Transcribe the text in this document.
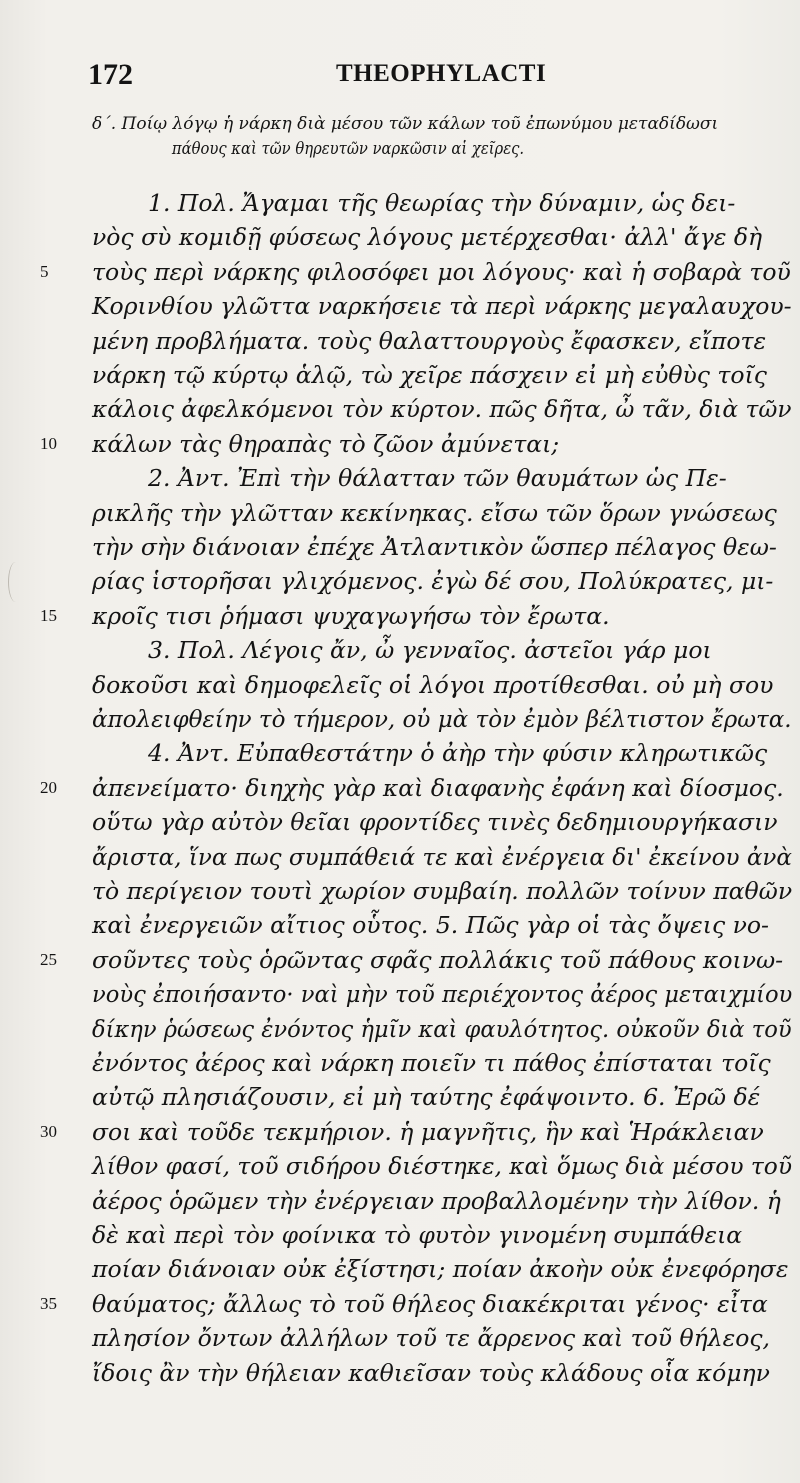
172	THEOPHYLACTI
δ΄. Ποίῳ λόγῳ ἡ νάρκη διὰ μέσου τῶν κάλων τοῦ ἐπωνύμου μεταδίδωσι
πάθους καὶ τῶν θηρευτῶν ναρκῶσιν αἱ χεῖρες.
1. Πολ. Ἄγαμαι τῆς θεωρίας τὴν δύναμιν, ὡς δει-
νὸς σὺ κομιδῇ φύσεως λόγους μετέρχεσθαι· ἀλλ' ἄγε δὴ
τοὺς περὶ νάρκης φιλοσόφει μοι λόγους· καὶ ἡ σοβαρὰ τοῦ
5
Κορινθίου γλῶττα ναρκήσειε τὰ περὶ νάρκης μεγαλαυχου-
μένη προβλήματα. τοὺς θαλαττουργοὺς ἔφασκεν, εἴποτε
νάρκη τῷ κύρτῳ ἁλῷ, τὼ χεῖρε πάσχειν εἰ μὴ εὐθὺς τοῖς
κάλοις ἀφελκόμενοι τὸν κύρτον. πῶς δῆτα, ὦ τᾶν, διὰ τῶν
κάλων τὰς θηραπὰς τὸ ζῶον ἀμύνεται;
10
2. Ἀντ. Ἐπὶ τὴν θάλατταν τῶν θαυμάτων ὡς Πε-
ρικλῆς τὴν γλῶτταν κεκίνηκας. εἴσω τῶν ὅρων γνώσεως
τὴν σὴν διάνοιαν ἐπέχε Ἀτλαντικὸν ὥσπερ πέλαγος θεω-
ρίας ἱστορῆσαι γλιχόμενος. ἐγὼ δέ σου, Πολύκρατες, μι-
κροῖς τισι ῥήμασι ψυχαγωγήσω τὸν ἔρωτα.
15
3. Πολ. Λέγοις ἄν, ὦ γενναῖος. ἀστεῖοι γάρ μοι
δοκοῦσι καὶ δημοφελεῖς οἱ λόγοι προτίθεσθαι. οὐ μὴ σου
ἀπολειφθείην τὸ τήμερον, οὐ μὰ τὸν ἐμὸν βέλτιστον ἔρωτα.
4. Ἀντ. Εὐπαθεστάτην ὁ ἀὴρ τὴν φύσιν κληρωτικῶς
ἀπενείματο· διηχὴς γὰρ καὶ διαφανὴς ἐφάνη καὶ δίοσμος.
20
οὕτω γὰρ αὐτὸν θεῖαι φροντίδες τινὲς δεδημιουργήκασιν
ἄριστα, ἵνα πως συμπάθειά τε καὶ ἐνέργεια δι' ἐκείνου ἀνὰ
τὸ περίγειον τουτὶ χωρίον συμβαίη. πολλῶν τοίνυν παθῶν
καὶ ἐνεργειῶν αἴτιος οὗτος. 5. Πῶς γὰρ οἱ τὰς ὄψεις νο-
σοῦντες τοὺς ὁρῶντας σφᾶς πολλάκις τοῦ πάθους κοινω-
25
νοὺς ἐποιήσαντο· ναὶ μὴν τοῦ περιέχοντος ἀέρος μεταιχμίου
δίκην ῥώσεως ἐνόντος ἡμῖν καὶ φαυλότητος. οὐκοῦν διὰ τοῦ
ἐνόντος ἀέρος καὶ νάρκη ποιεῖν τι πάθος ἐπίσταται τοῖς
αὐτῷ πλησιάζουσιν, εἰ μὴ ταύτης ἐφάψοιντο. 6. Ἐρῶ δέ
σοι καὶ τοῦδε τεκμήριον. ἡ μαγνῆτις, ἣν καὶ Ἡράκλειαν
30
λίθον φασί, τοῦ σιδήρου διέστηκε, καὶ ὅμως διὰ μέσου τοῦ
ἀέρος ὁρῶμεν τὴν ἐνέργειαν προβαλλομένην τὴν λίθον. ἡ
δὲ καὶ περὶ τὸν φοίνικα τὸ φυτὸν γινομένη συμπάθεια
ποίαν διάνοιαν οὐκ ἐξίστησι; ποίαν ἀκοὴν οὐκ ἐνεφόρησε
θαύματος; ἄλλως τὸ τοῦ θήλεος διακέκριται γένος· εἶτα
35
πλησίον ὄντων ἀλλήλων τοῦ τε ἄρρενος καὶ τοῦ θήλεος,
ἴδοις ἂν τὴν θήλειαν καθιεῖσαν τοὺς κλάδους οἷα κόμην
